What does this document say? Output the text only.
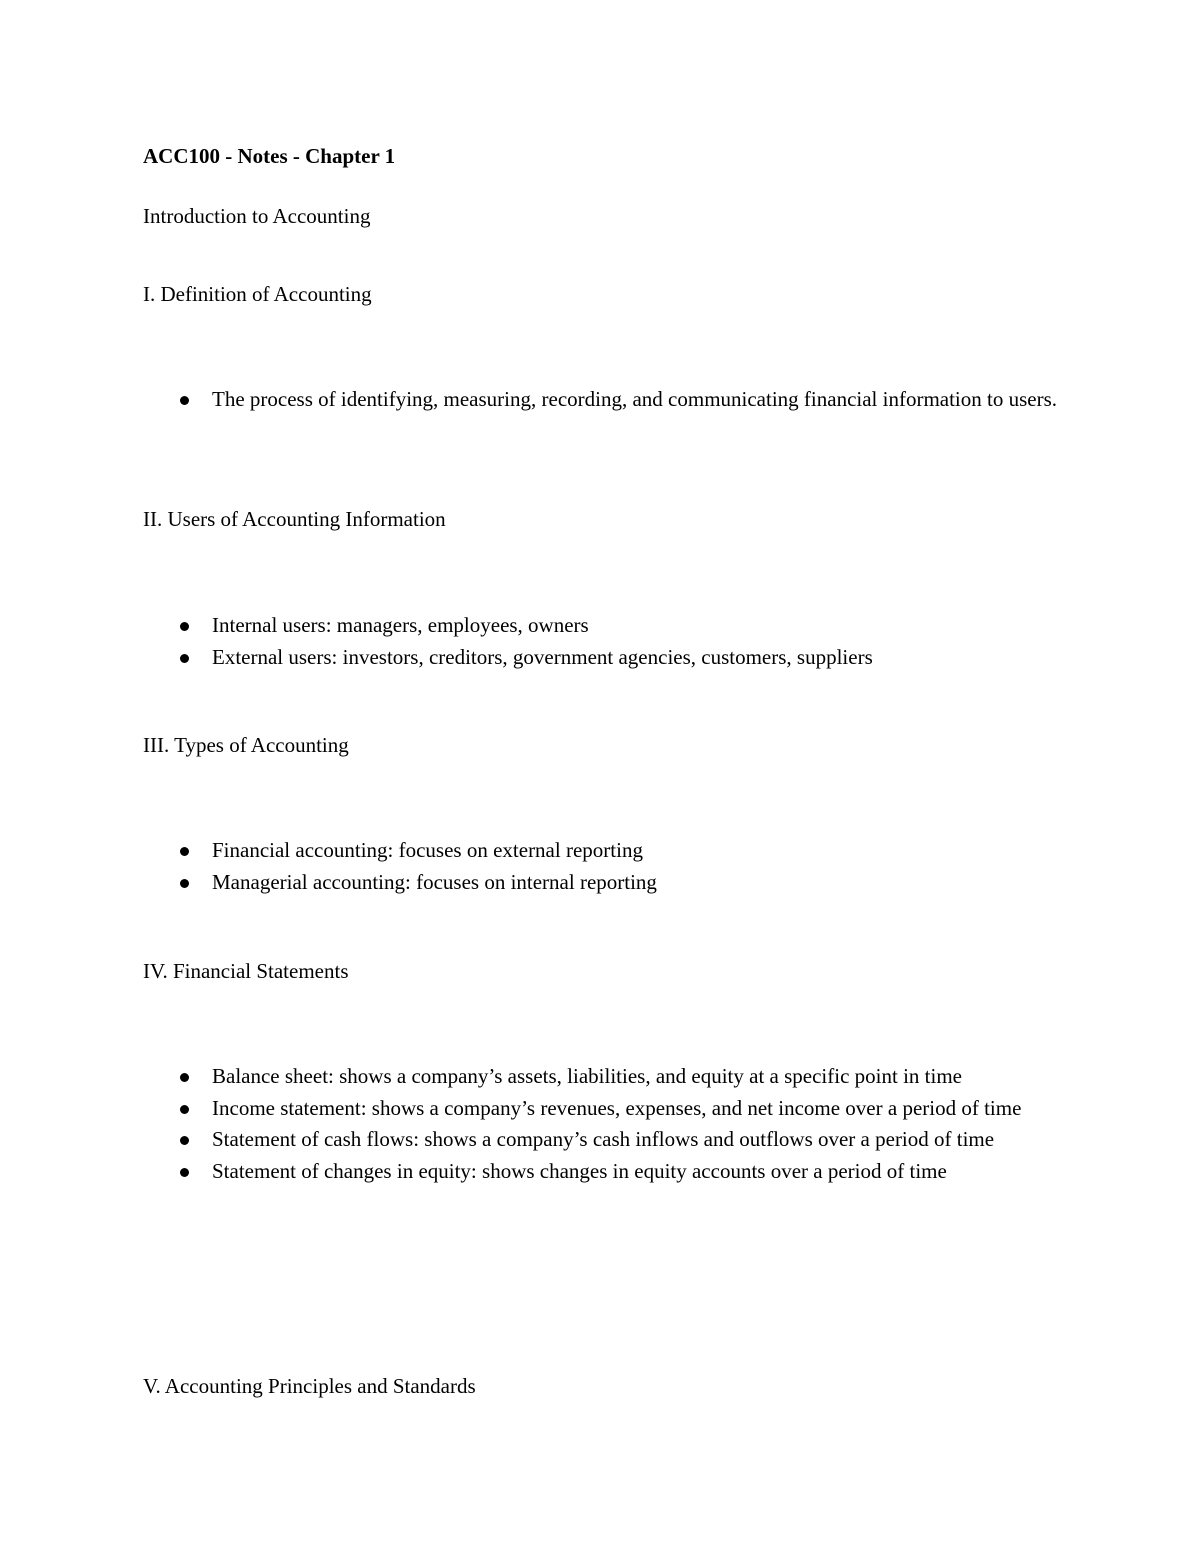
ACC100 - Notes - Chapter 1
Introduction to Accounting
I. Definition of Accounting
The process of identifying, measuring, recording, and communicating financial information to users.
II. Users of Accounting Information
Internal users: managers, employees, owners
External users: investors, creditors, government agencies, customers, suppliers
III. Types of Accounting
Financial accounting: focuses on external reporting
Managerial accounting: focuses on internal reporting
IV. Financial Statements
Balance sheet: shows a company’s assets, liabilities, and equity at a specific point in time
Income statement: shows a company’s revenues, expenses, and net income over a period of time
Statement of cash flows: shows a company’s cash inflows and outflows over a period of time
Statement of changes in equity: shows changes in equity accounts over a period of time
V. Accounting Principles and Standards
